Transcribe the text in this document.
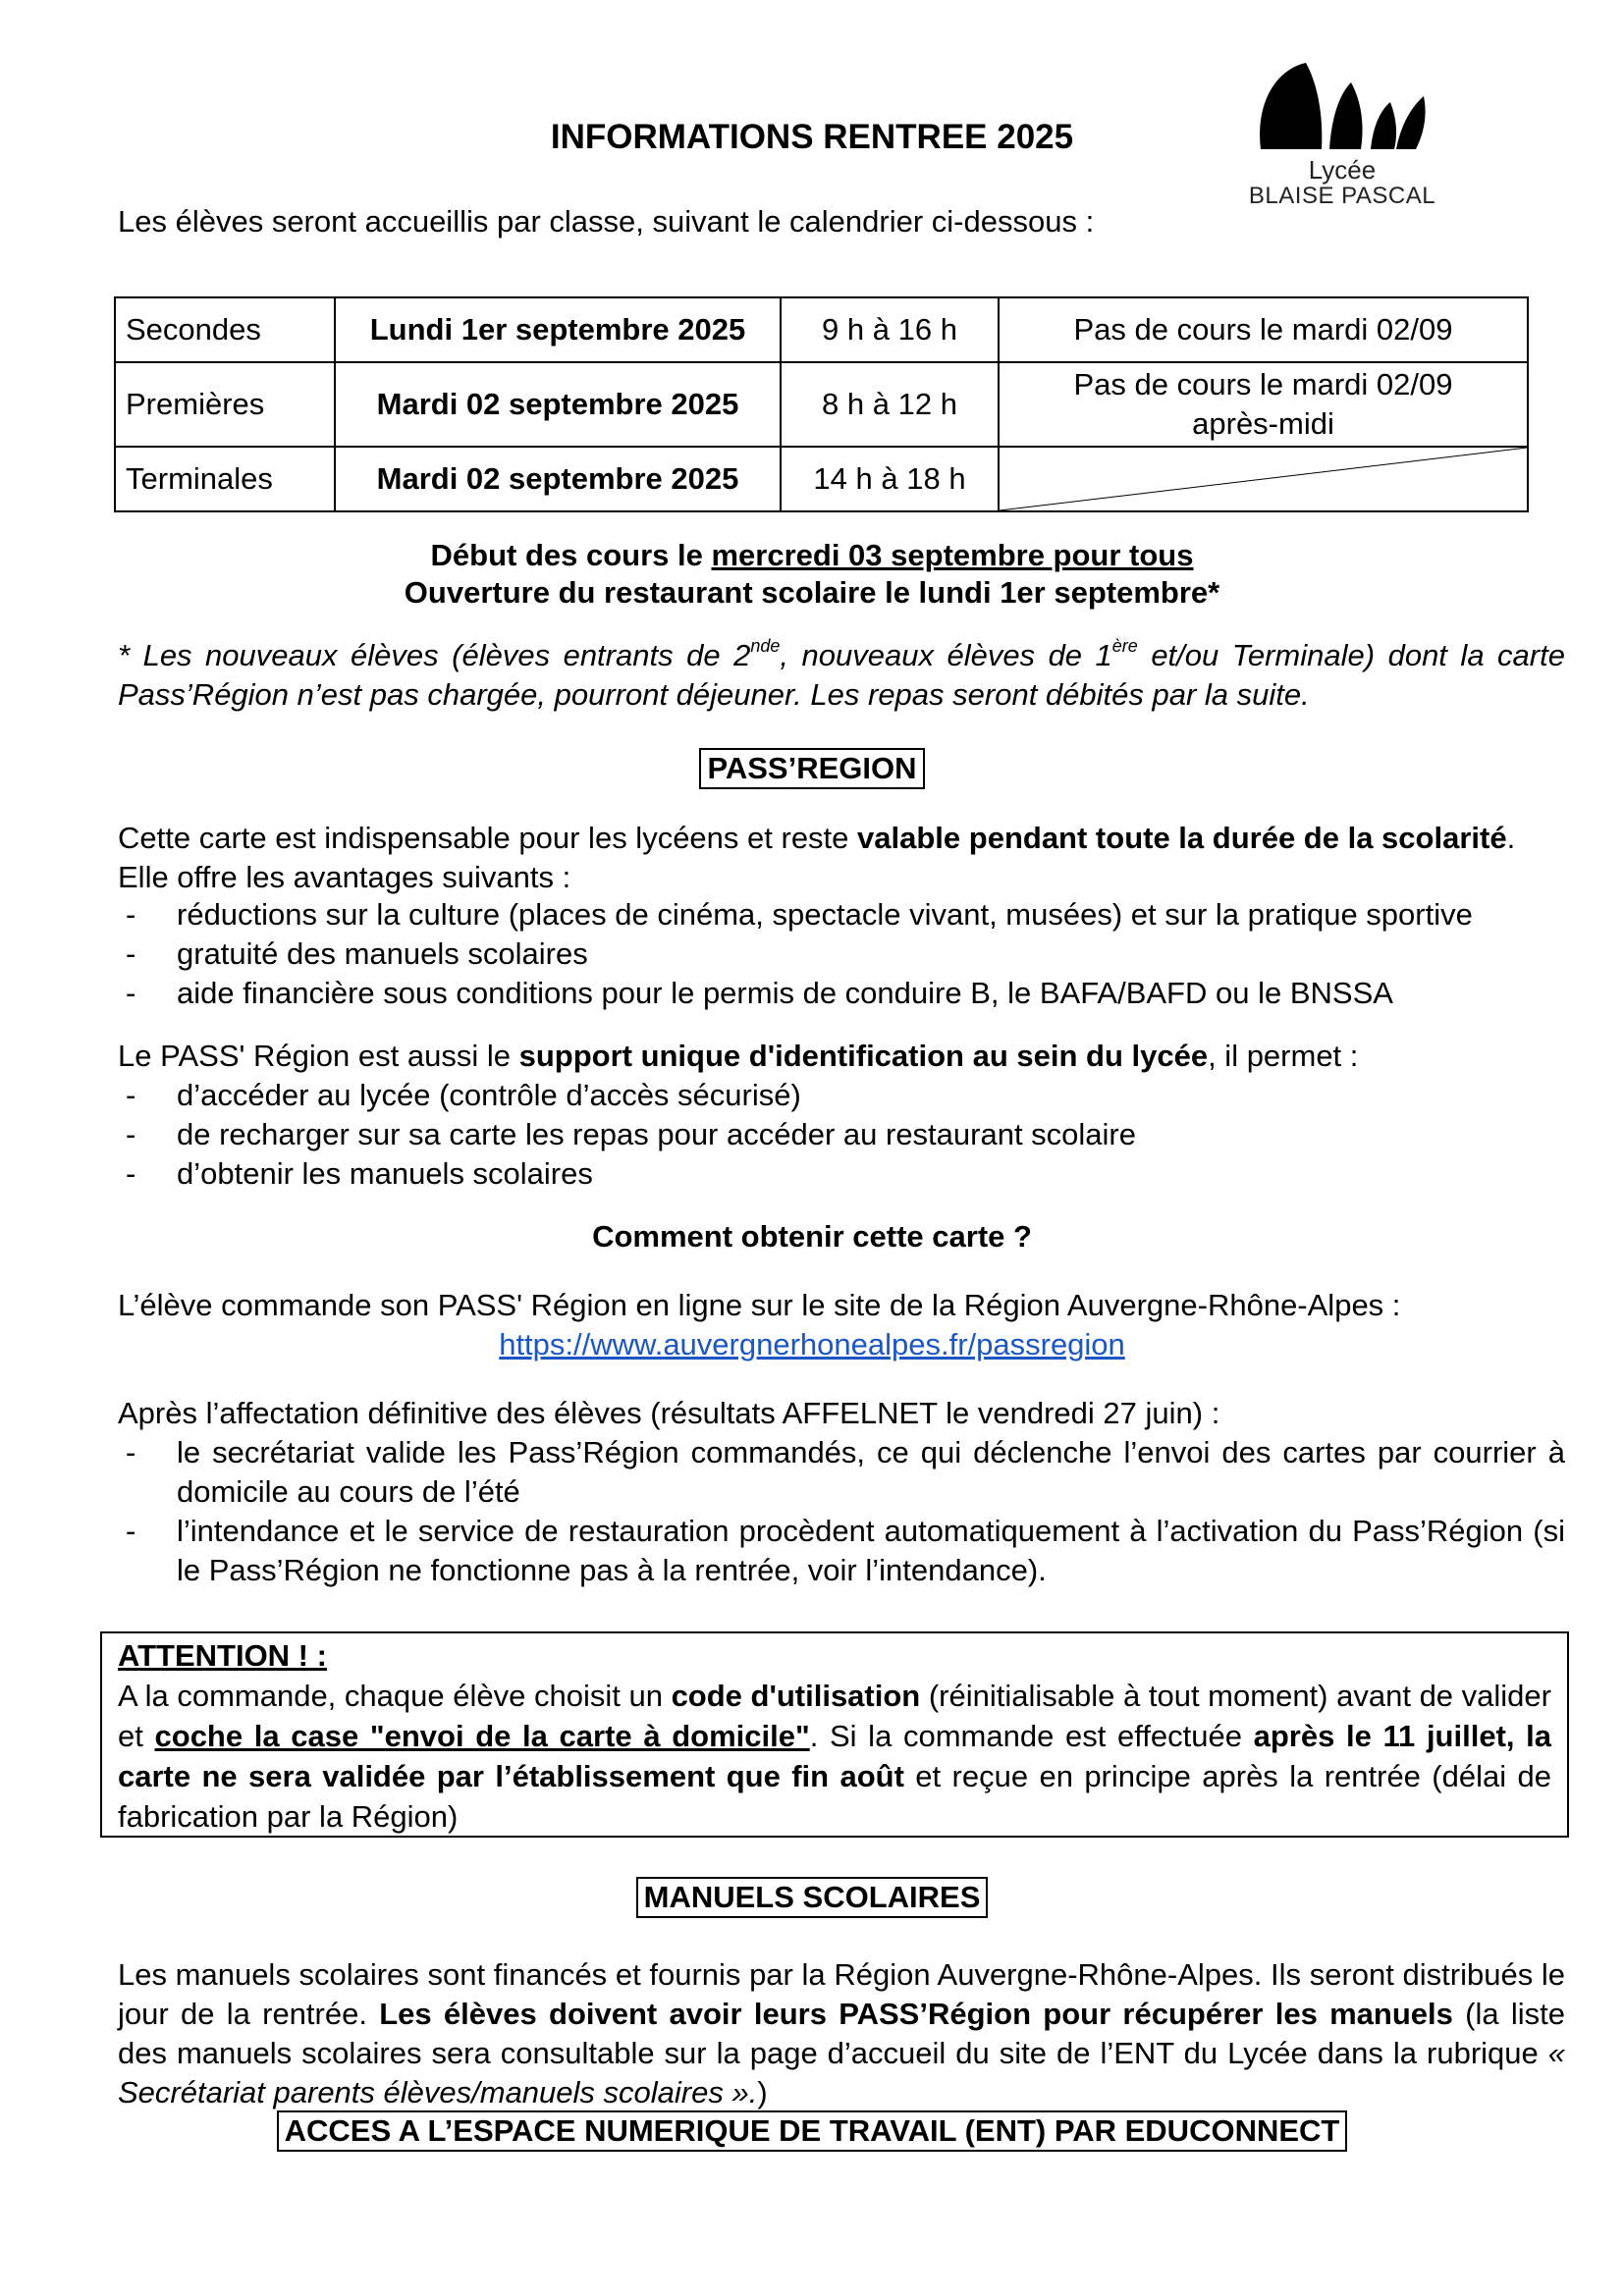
Lycée
BLAISE PASCAL
INFORMATIONS RENTREE 2025
Les élèves seront accueillis par classe, suivant le calendrier ci-dessous :
Secondes	Lundi 1er septembre 2025	9 h à 16 h	Pas de cours le mardi 02/09
Premières	Mardi 02 septembre 2025	8 h à 12 h	Pas de cours le mardi 02/09
après-midi

Terminales	Mardi 02 septembre 2025	14 h à 18 h	
Début des cours le mercredi 03 septembre pour tous
Ouverture du restaurant scolaire le lundi 1er septembre*
* Les nouveaux élèves (élèves entrants de 2nde, nouveaux élèves de 1ère et/ou Terminale) dont la carte Pass’Région n’est pas chargée, pourront déjeuner. Les repas seront débités par la suite.
PASS’REGION
Cette carte est indispensable pour les lycéens et reste valable pendant toute la durée de la scolarité. Elle offre les avantages suivants :
- réductions sur la culture (places de cinéma, spectacle vivant, musées) et sur la pratique sportive
- gratuité des manuels scolaires
- aide financière sous conditions pour le permis de conduire B, le BAFA/BAFD ou le BNSSA
Le PASS' Région est aussi le support unique d'identification au sein du lycée, il permet :
- d’accéder au lycée (contrôle d’accès sécurisé)
- de recharger sur sa carte les repas pour accéder au restaurant scolaire
- d’obtenir les manuels scolaires
Comment obtenir cette carte ?
L’élève commande son PASS' Région en ligne sur le site de la Région Auvergne-Rhône-Alpes :
https://www.auvergnerhonealpes.fr/passregion
Après l’affectation définitive des élèves (résultats AFFELNET le vendredi 27 juin) :
- le secrétariat valide les Pass’Région commandés, ce qui déclenche l’envoi des cartes par courrier à domicile au cours de l’été
- l’intendance et le service de restauration procèdent automatiquement à l’activation du Pass’Région (si le Pass’Région ne fonctionne pas à la rentrée, voir l’intendance).
ATTENTION ! :
A la commande, chaque élève choisit un code d'utilisation (réinitialisable à tout moment) avant de valider et coche la case "envoi de la carte à domicile". Si la commande est effectuée après le 11 juillet, la carte ne sera validée par l’établissement que fin août et reçue en principe après la rentrée (délai de fabrication par la Région)
MANUELS SCOLAIRES
Les manuels scolaires sont financés et fournis par la Région Auvergne-Rhône-Alpes. Ils seront distribués le jour de la rentrée. Les élèves doivent avoir leurs PASS’Région pour récupérer les manuels (la liste des manuels scolaires sera consultable sur la page d’accueil du site de l’ENT du Lycée dans la rubrique « Secrétariat parents élèves/manuels scolaires ».)
ACCES A L’ESPACE NUMERIQUE DE TRAVAIL (ENT) PAR EDUCONNECT
